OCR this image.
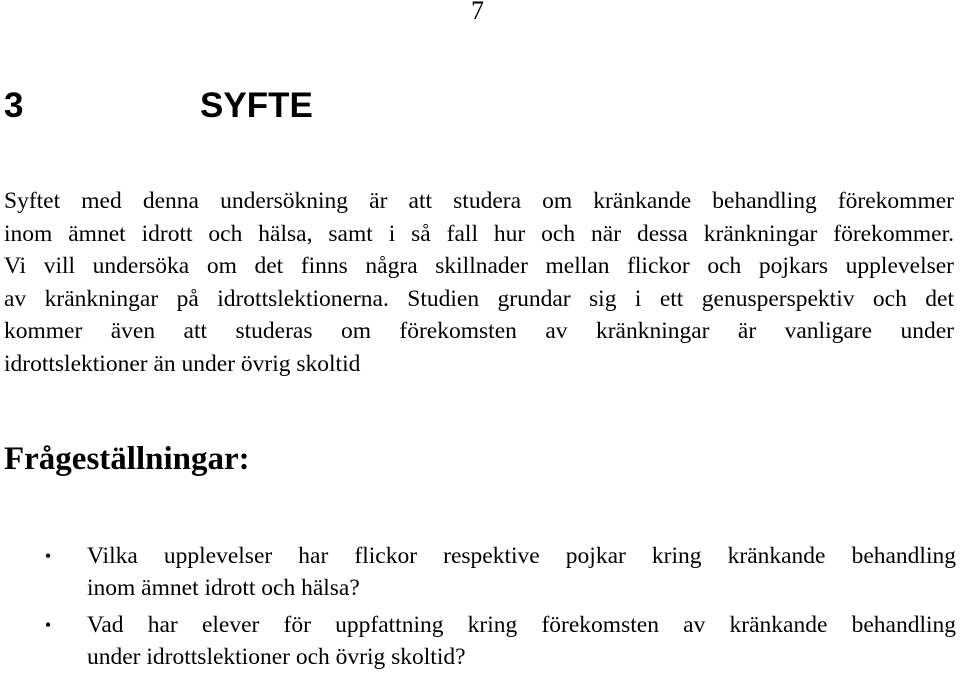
7
3	SYFTE

Syftet med denna undersökning är att studera om kränkande behandling förekommer
inom ämnet idrott och hälsa, samt i så fall hur och när dessa kränkningar förekommer.
Vi vill undersöka om det finns några skillnader mellan flickor och pojkars upplevelser
av kränkningar på idrottslektionerna. Studien grundar sig i ett genusperspektiv och det
kommer även att studeras om förekomsten av kränkningar är vanligare under
idrottslektioner än under övrig skoltid

Frågeställningar:
• Vilka upplevelser har flickor respektive pojkar kring kränkande behandling
inom ämnet idrott och hälsa?
• Vad har elever för uppfattning kring förekomsten av kränkande behandling
under idrottslektioner och övrig skoltid?
